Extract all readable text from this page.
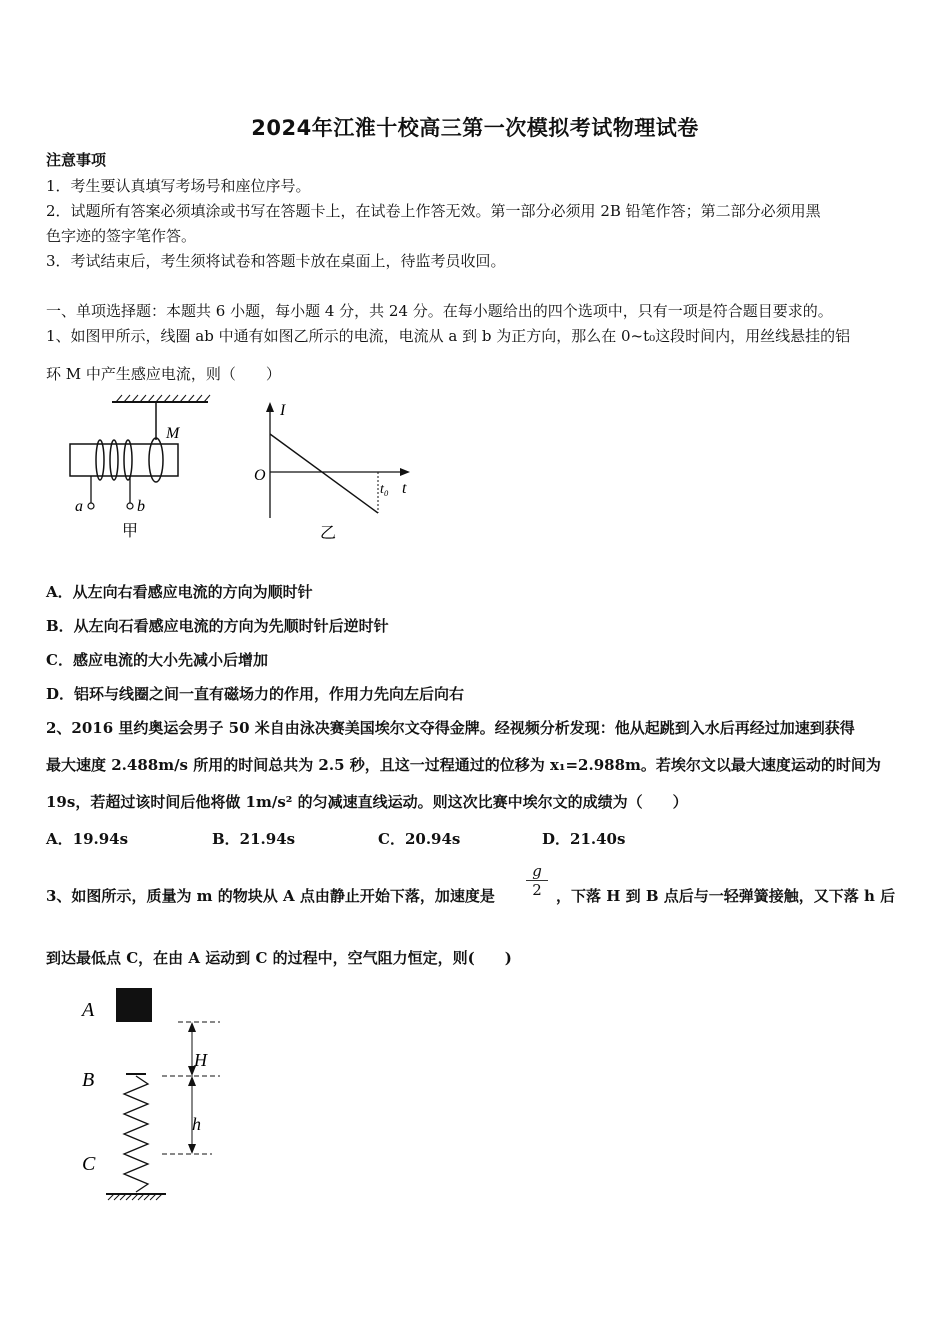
2024年江淮十校高三第一次模拟考试物理试卷
注意事项
1．考生要认真填写考场号和座位序号。
2．试题所有答案必须填涂或书写在答题卡上，在试卷上作答无效。第一部分必须用 2B 铅笔作答；第二部分必须用黑
色字迹的签字笔作答。
3．考试结束后，考生须将试卷和答题卡放在桌面上，待监考员收回。
一、单项选择题：本题共 6 小题，每小题 4 分，共 24 分。在每小题给出的四个选项中，只有一项是符合题目要求的。
1、如图甲所示，线圈 ab 中通有如图乙所示的电流，电流从 a 到 b 为正方向，那么在 0~t₀这段时间内，用丝线悬挂的铝
环 M 中产生感应电流，则（　　）
M
a	b
甲
I
O
t₀ t
乙
A．从左向右看感应电流的方向为顺时针
B．从左向石看感应电流的方向为先顺时针后逆时针
C．感应电流的大小先减小后增加
D．铝环与线圈之间一直有磁场力的作用，作用力先向左后向右
2、2016 里约奥运会男子 50 米自由泳决赛美国埃尔文夺得金牌。经视频分析发现：他从起跳到入水后再经过加速到获得
最大速度 2.488m/s 所用的时间总共为 2.5 秒，且这一过程通过的位移为 x₁=2.988m。若埃尔文以最大速度运动的时间为
19s，若超过该时间后他将做 1m/s² 的匀减速直线运动。则这次比赛中埃尔文的成绩为（　　）
A．19.94s	B．21.94s	C．20.94s	D．21.40s
3、如图所示，质量为 m 的物块从 A 点由静止开始下落，加速度是 $\frac{g}{2}$ ，下落 H 到 B 点后与一轻弹簧接触，又下落 h 后
到达最低点 C，在由 A 运动到 C 的过程中，空气阻力恒定，则(　　)
A
B
C
H
h
